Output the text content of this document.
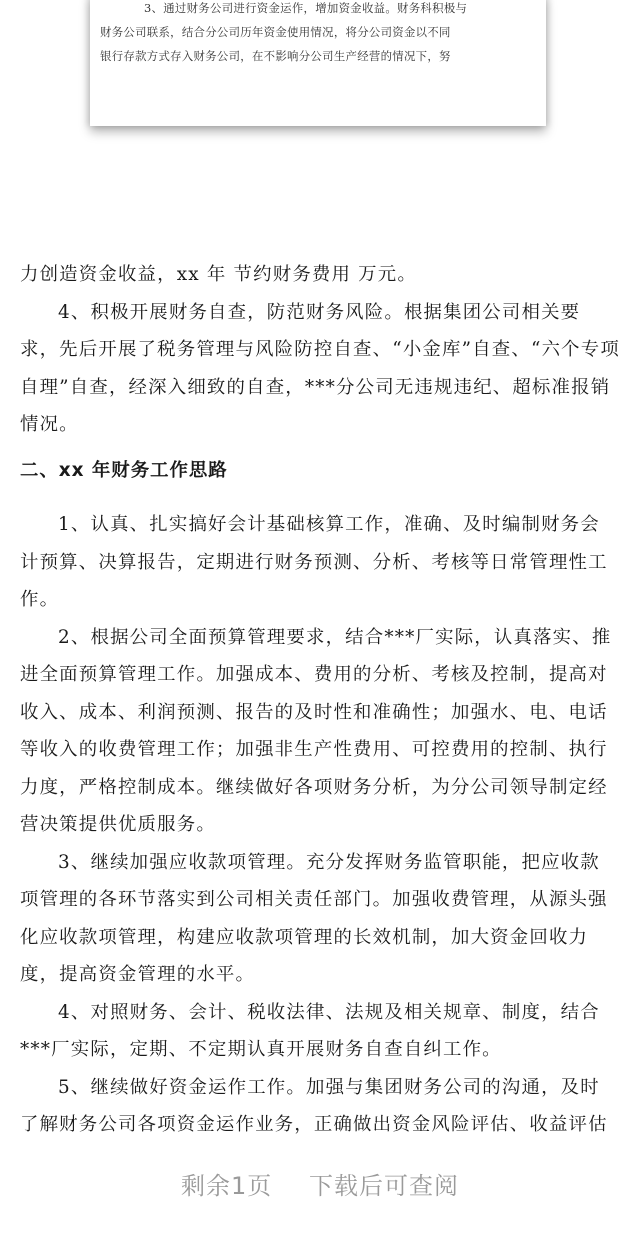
3、通过财务公司进行资金运作，增加资金收益。财务科积极与
财务公司联系，结合分公司历年资金使用情况，将分公司资金以不同
银行存款方式存入财务公司，在不影响分公司生产经营的情况下，努
力创造资金收益，xx 年 节约财务费用 万元。
4、积极开展财务自查，防范财务风险。根据集团公司相关要
求，先后开展了税务管理与风险防控自查、“小金库”自查、“六个专项
自理”自查，经深入细致的自查，***分公司无违规违纪、超标准报销
情况。
二、xx 年财务工作思路
1、认真、扎实搞好会计基础核算工作，准确、及时编制财务会
计预算、决算报告，定期进行财务预测、分析、考核等日常管理性工
作。
2、根据公司全面预算管理要求，结合***厂实际，认真落实、推
进全面预算管理工作。加强成本、费用的分析、考核及控制，提高对
收入、成本、利润预测、报告的及时性和准确性；加强水、电、电话
等收入的收费管理工作；加强非生产性费用、可控费用的控制、执行
力度，严格控制成本。继续做好各项财务分析，为分公司领导制定经
营决策提供优质服务。
3、继续加强应收款项管理。充分发挥财务监管职能，把应收款
项管理的各环节落实到公司相关责任部门。加强收费管理，从源头强
化应收款项管理，构建应收款项管理的长效机制，加大资金回收力
度，提高资金管理的水平。
4、对照财务、会计、税收法律、法规及相关规章、制度，结合
***厂实际，定期、不定期认真开展财务自查自纠工作。
5、继续做好资金运作工作。加强与集团财务公司的沟通，及时
了解财务公司各项资金运作业务，正确做出资金风险评估、收益评估
剩余1页 下载后可查阅
